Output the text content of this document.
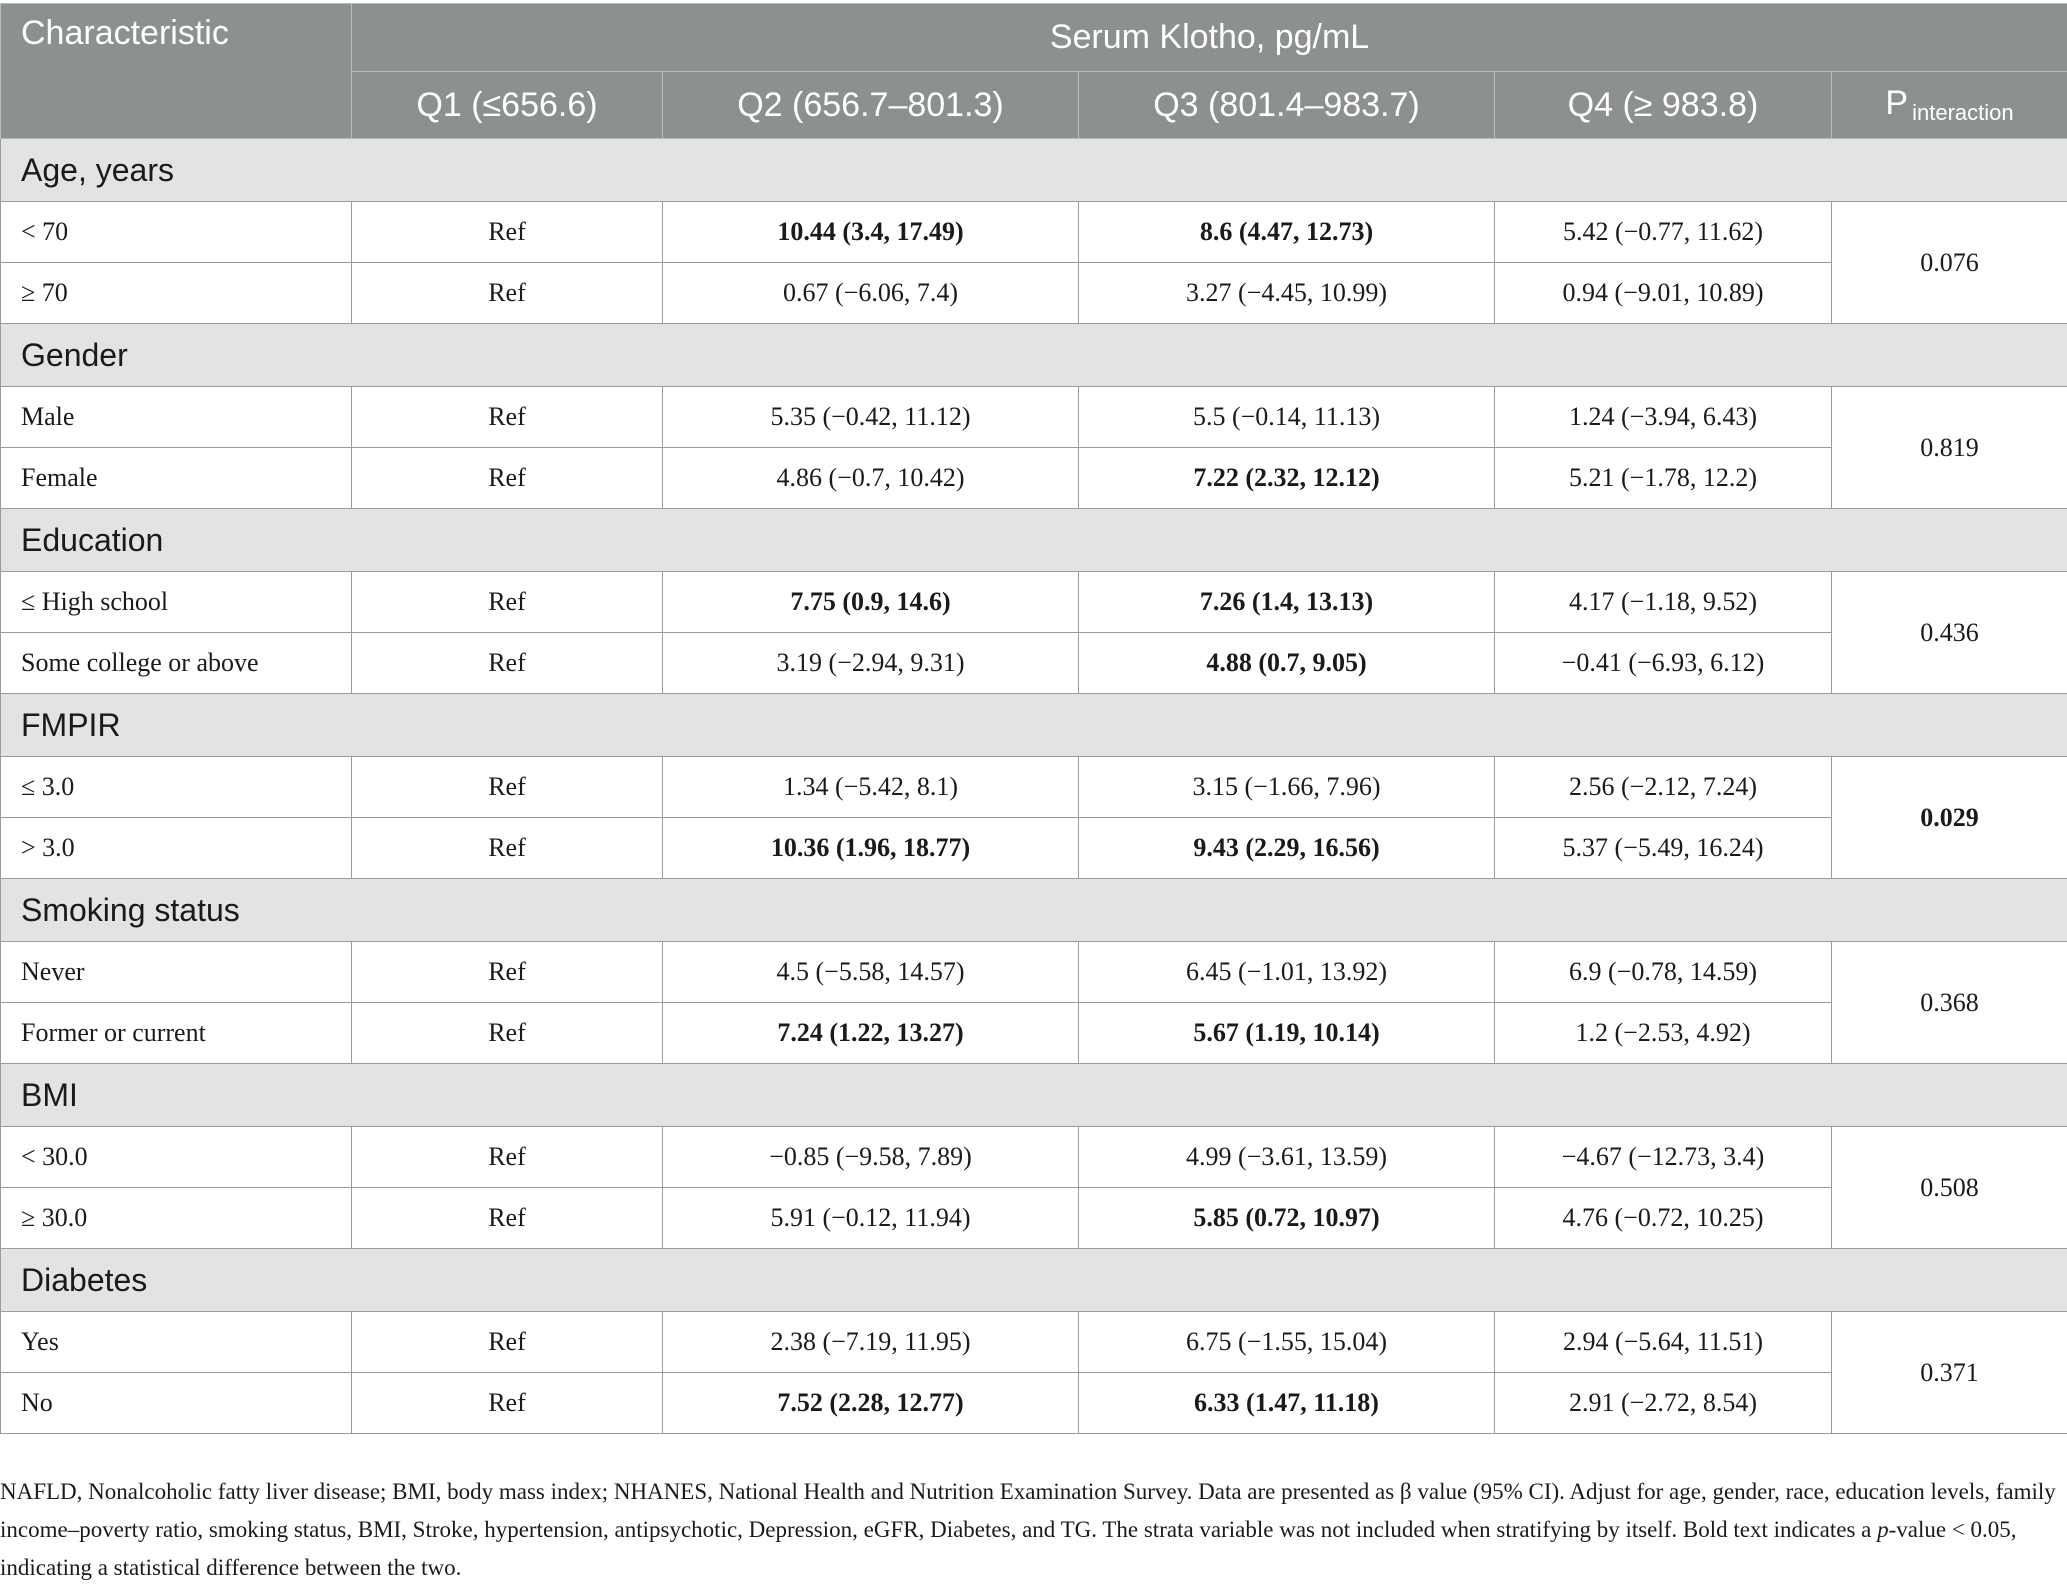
Characteristic	Serum Klotho, pg/mL				
	Q1 (≤656.6)	Q2 (656.7–801.3)	Q3 (801.4–983.7)	Q4 (≥ 983.8)	P $_{interaction}$
Age, years					
< 70	Ref	10.44 (3.4, 17.49)	8.6 (4.47, 12.73)	5.42 (−0.77, 11.62)	0.076
≥ 70	Ref	0.67 (−6.06, 7.4)	3.27 (−4.45, 10.99)	0.94 (−9.01, 10.89)	
Gender					
Male	Ref	5.35 (−0.42, 11.12)	5.5 (−0.14, 11.13)	1.24 (−3.94, 6.43)	0.819
Female	Ref	4.86 (−0.7, 10.42)	7.22 (2.32, 12.12)	5.21 (−1.78, 12.2)	
Education					
≤ High school	Ref	7.75 (0.9, 14.6)	7.26 (1.4, 13.13)	4.17 (−1.18, 9.52)	0.436
Some college or above	Ref	3.19 (−2.94, 9.31)	4.88 (0.7, 9.05)	−0.41 (−6.93, 6.12)	
FMPIR					
≤ 3.0	Ref	1.34 (−5.42, 8.1)	3.15 (−1.66, 7.96)	2.56 (−2.12, 7.24)	0.029
> 3.0	Ref	10.36 (1.96, 18.77)	9.43 (2.29, 16.56)	5.37 (−5.49, 16.24)	
Smoking status					
Never	Ref	4.5 (−5.58, 14.57)	6.45 (−1.01, 13.92)	6.9 (−0.78, 14.59)	0.368
Former or current	Ref	7.24 (1.22, 13.27)	5.67 (1.19, 10.14)	1.2 (−2.53, 4.92)	
BMI					
< 30.0	Ref	−0.85 (−9.58, 7.89)	4.99 (−3.61, 13.59)	−4.67 (−12.73, 3.4)	0.508
≥ 30.0	Ref	5.91 (−0.12, 11.94)	5.85 (0.72, 10.97)	4.76 (−0.72, 10.25)	
Diabetes					
Yes	Ref	2.38 (−7.19, 11.95)	6.75 (−1.55, 15.04)	2.94 (−5.64, 11.51)	0.371
No	Ref	7.52 (2.28, 12.77)	6.33 (1.47, 11.18)	2.91 (−2.72, 8.54)	
NAFLD, Nonalcoholic fatty liver disease; BMI, body mass index; NHANES, National Health and Nutrition Examination Survey. Data are presented as β value (95% CI). Adjust for age, gender, race, education levels, family income–poverty ratio, smoking status, BMI, Stroke, hypertension, antipsychotic, Depression, eGFR, Diabetes, and TG. The strata variable was not included when stratifying by itself. Bold text indicates a p-value < 0.05, indicating a statistical difference between the two.
